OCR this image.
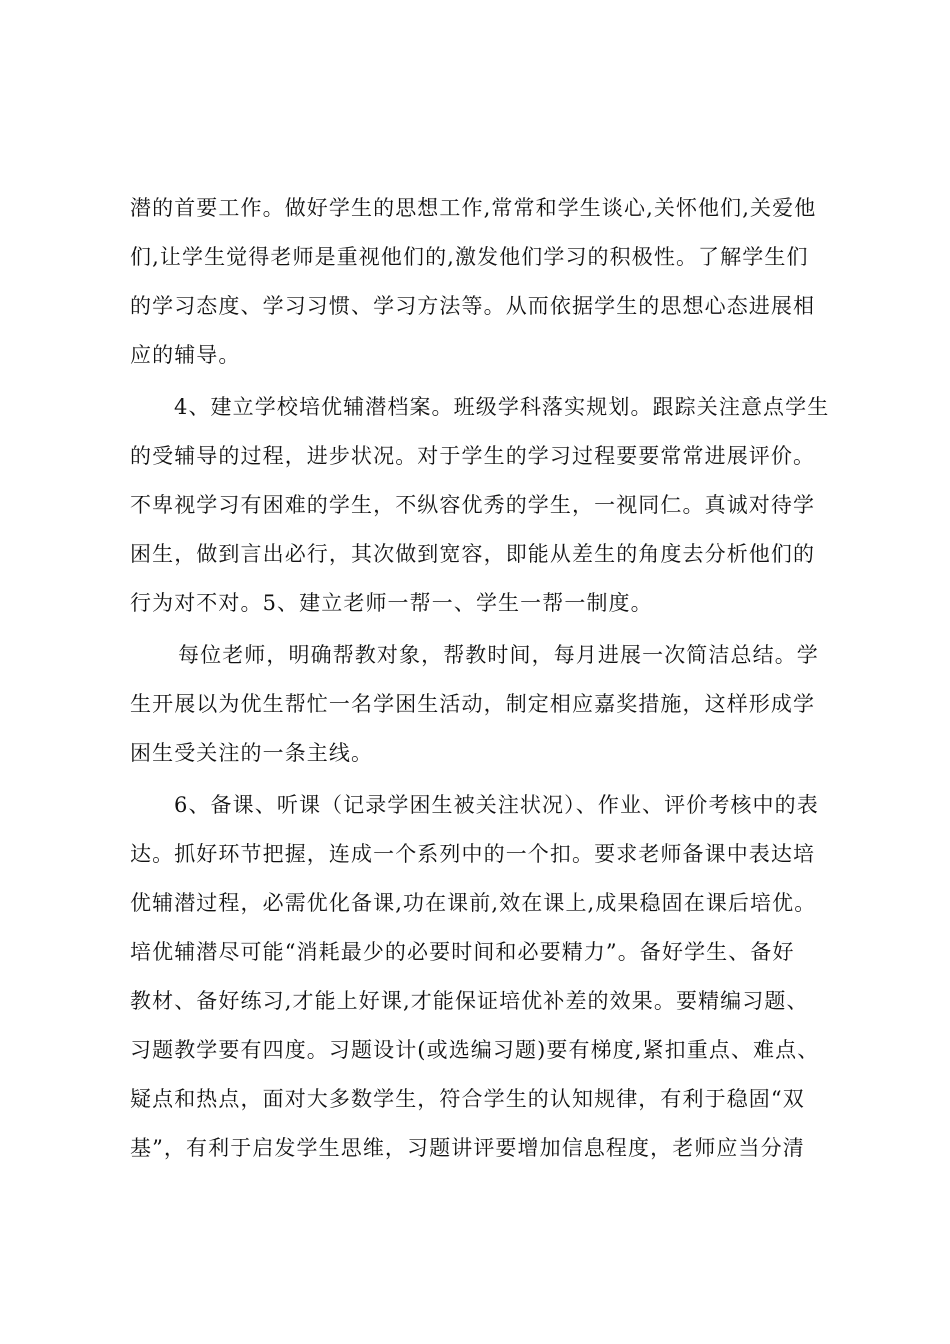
潜的首要工作。做好学生的思想工作,常常和学生谈心,关怀他们,关爱他
们,让学生觉得老师是重视他们的,激发他们学习的积极性。了解学生们
的学习态度、学习习惯、学习方法等。从而依据学生的思想心态进展相
应的辅导。
4、建立学校培优辅潜档案。班级学科落实规划。跟踪关注意点学生
的受辅导的过程，进步状况。对于学生的学习过程要要常常进展评价。
不卑视学习有困难的学生，不纵容优秀的学生，一视同仁。真诚对待学
困生，做到言出必行，其次做到宽容，即能从差生的角度去分析他们的
行为对不对。5、建立老师一帮一、学生一帮一制度。
每位老师，明确帮教对象，帮教时间，每月进展一次简洁总结。学
生开展以为优生帮忙一名学困生活动，制定相应嘉奖措施，这样形成学
困生受关注的一条主线。
6、备课、听课（记录学困生被关注状况）、作业、评价考核中的表
达。抓好环节把握，连成一个系列中的一个扣。要求老师备课中表达培
优辅潜过程，必需优化备课,功在课前,效在课上,成果稳固在课后培优。
培优辅潜尽可能“消耗最少的必要时间和必要精力”。备好学生、备好
教材、备好练习,才能上好课,才能保证培优补差的效果。要精编习题、
习题教学要有四度。习题设计(或选编习题)要有梯度,紧扣重点、难点、
疑点和热点，面对大多数学生，符合学生的认知规律，有利于稳固“双
基”，有利于启发学生思维，习题讲评要增加信息程度，老师应当分清
